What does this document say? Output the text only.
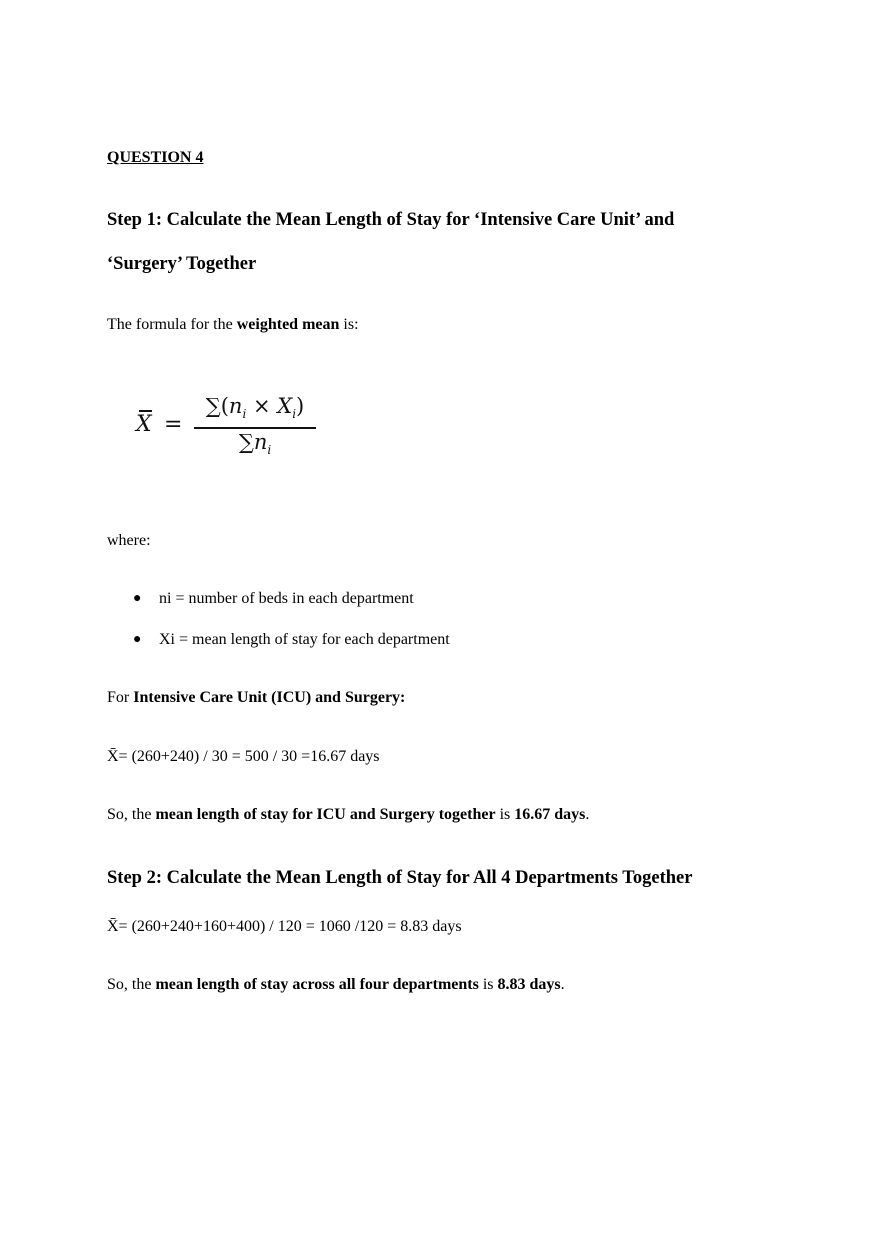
QUESTION 4
Step 1: Calculate the Mean Length of Stay for ‘Intensive Care Unit’ and
‘Surgery’ Together
The formula for the weighted mean is:
X =
$\sum(n_i \times X_i)$
$\sum n_i$
where:
● ni = number of beds in each department
● Xi = mean length of stay for each department
For Intensive Care Unit (ICU) and Surgery:
X̄= (260+240) / 30 = 500 / 30 =16.67 days
So, the mean length of stay for ICU and Surgery together is 16.67 days.
Step 2: Calculate the Mean Length of Stay for All 4 Departments Together
X̄= (260+240+160+400) / 120 = 1060 /120 = 8.83 days
So, the mean length of stay across all four departments is 8.83 days.
